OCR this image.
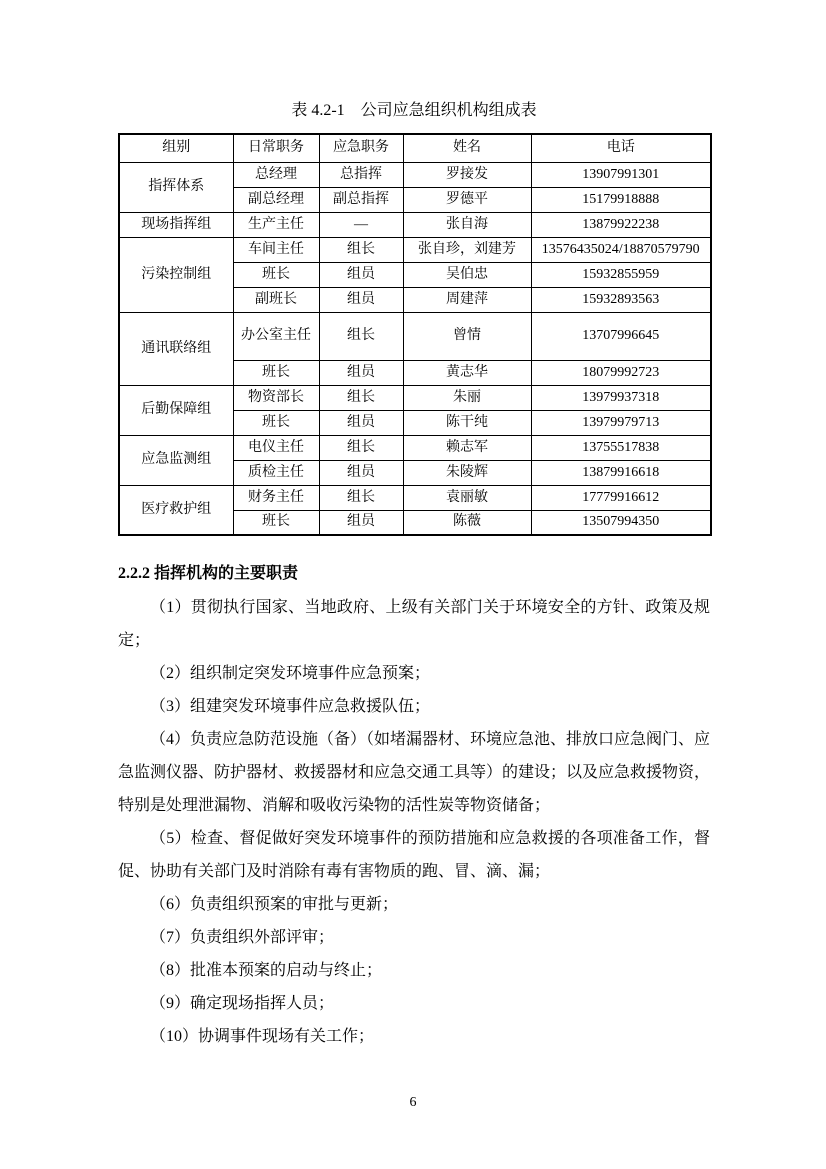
表 4.2-1　公司应急组织机构组成表

组别	日常职务	应急职务	姓名	电话
指挥体系	总经理	总指挥	罗接发	13907991301
	副总经理	副总指挥	罗德平	15179918888
现场指挥组	生产主任	—	张自海	13879922238
污染控制组	车间主任	组长	张自珍，刘建芳	13576435024/18870579790
	班长	组员	吴伯忠	15932855959
	副班长	组员	周建萍	15932893563
通讯联络组	办公室主任	组长	曾情	13707996645
	班长	组员	黄志华	18079992723
后勤保障组	物资部长	组长	朱丽	13979937318
	班长	组员	陈干纯	13979979713
应急监测组	电仪主任	组长	赖志军	13755517838
	质检主任	组员	朱陵辉	13879916618
医疗救护组	财务主任	组长	袁丽敏	17779916612
	班长	组员	陈薇	13507994350
2.2.2 指挥机构的主要职责

（1）贯彻执行国家、当地政府、上级有关部门关于环境安全的方针、政策及规定；

（2）组织制定突发环境事件应急预案；

（3）组建突发环境事件应急救援队伍；

（4）负责应急防范设施（备）（如堵漏器材、环境应急池、排放口应急阀门、应急监测仪器、防护器材、救援器材和应急交通工具等）的建设；以及应急救援物资，特别是处理泄漏物、消解和吸收污染物的活性炭等物资储备；

（5）检查、督促做好突发环境事件的预防措施和应急救援的各项准备工作，督促、协助有关部门及时消除有毒有害物质的跑、冒、滴、漏；

（6）负责组织预案的审批与更新；

（7）负责组织外部评审；

（8）批准本预案的启动与终止；

（9）确定现场指挥人员；

（10）协调事件现场有关工作；

6
